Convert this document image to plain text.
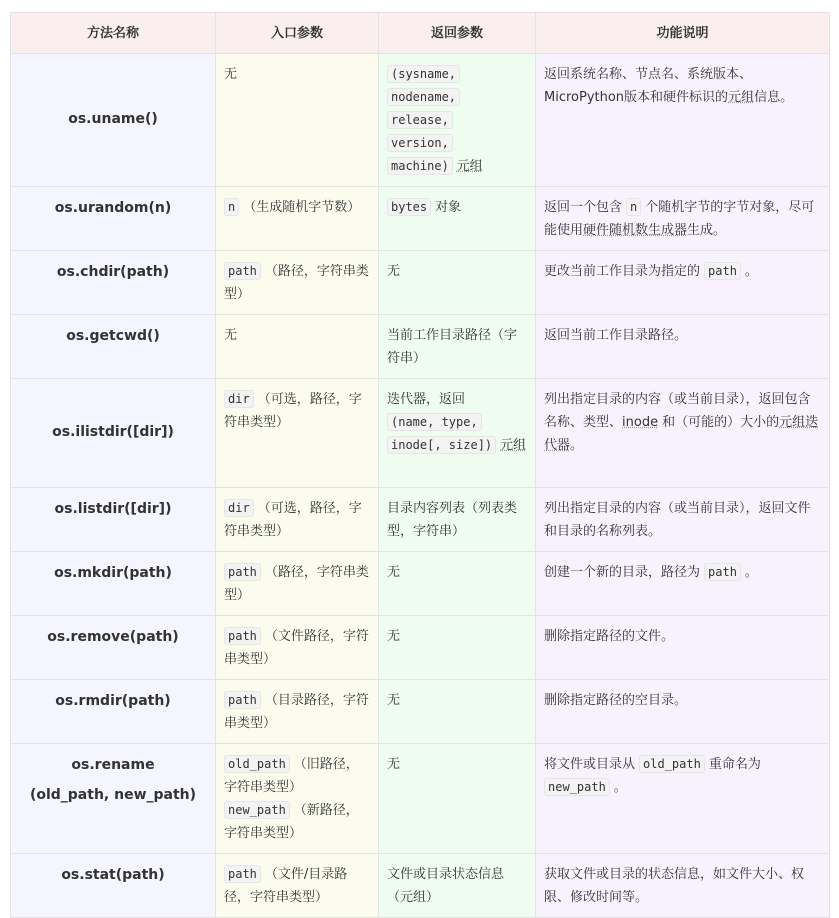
方法名称	入口参数	返回参数	功能说明
os.uname()	无	(sysname,
nodename,
release,
version,
machine) 元组	返回系统名称、节点名、系统版本、MicroPython版本和硬件标识的元组信息。
os.urandom(n)	n （生成随机字节数）	bytes 对象	返回一个包含 n 个随机字节的字节对象，尽可能使用硬件随机数生成器生成。
os.chdir(path)	path （路径，字符串类型）	无	更改当前工作目录为指定的 path 。
os.getcwd()	无	当前工作目录路径（字符串）	返回当前工作目录路径。
os.ilistdir([dir])	dir （可选，路径，字符串类型）	迭代器，返回
(name, type,
inode[, size]) 元组	列出指定目录的内容（或当前目录），返回包含名称、类型、inode 和（可能的）大小的元组迭代器。
os.listdir([dir])	dir （可选，路径，字符串类型）	目录内容列表（列表类型，字符串）	列出指定目录的内容（或当前目录），返回文件和目录的名称列表。
os.mkdir(path)	path （路径，字符串类型）	无	创建一个新的目录，路径为 path 。
os.remove(path)	path （文件路径，字符串类型）	无	删除指定路径的文件。
os.rmdir(path)	path （目录路径，字符串类型）	无	删除指定路径的空目录。
os.rename
(old_path, new_path)	old_path （旧路径，字符串类型）
new_path （新路径，字符串类型）	无	将文件或目录从 old_path 重命名为
new_path 。
os.stat(path)	path （文件/目录路径，字符串类型）	文件或目录状态信息（元组）	获取文件或目录的状态信息，如文件大小、权限、修改时间等。
